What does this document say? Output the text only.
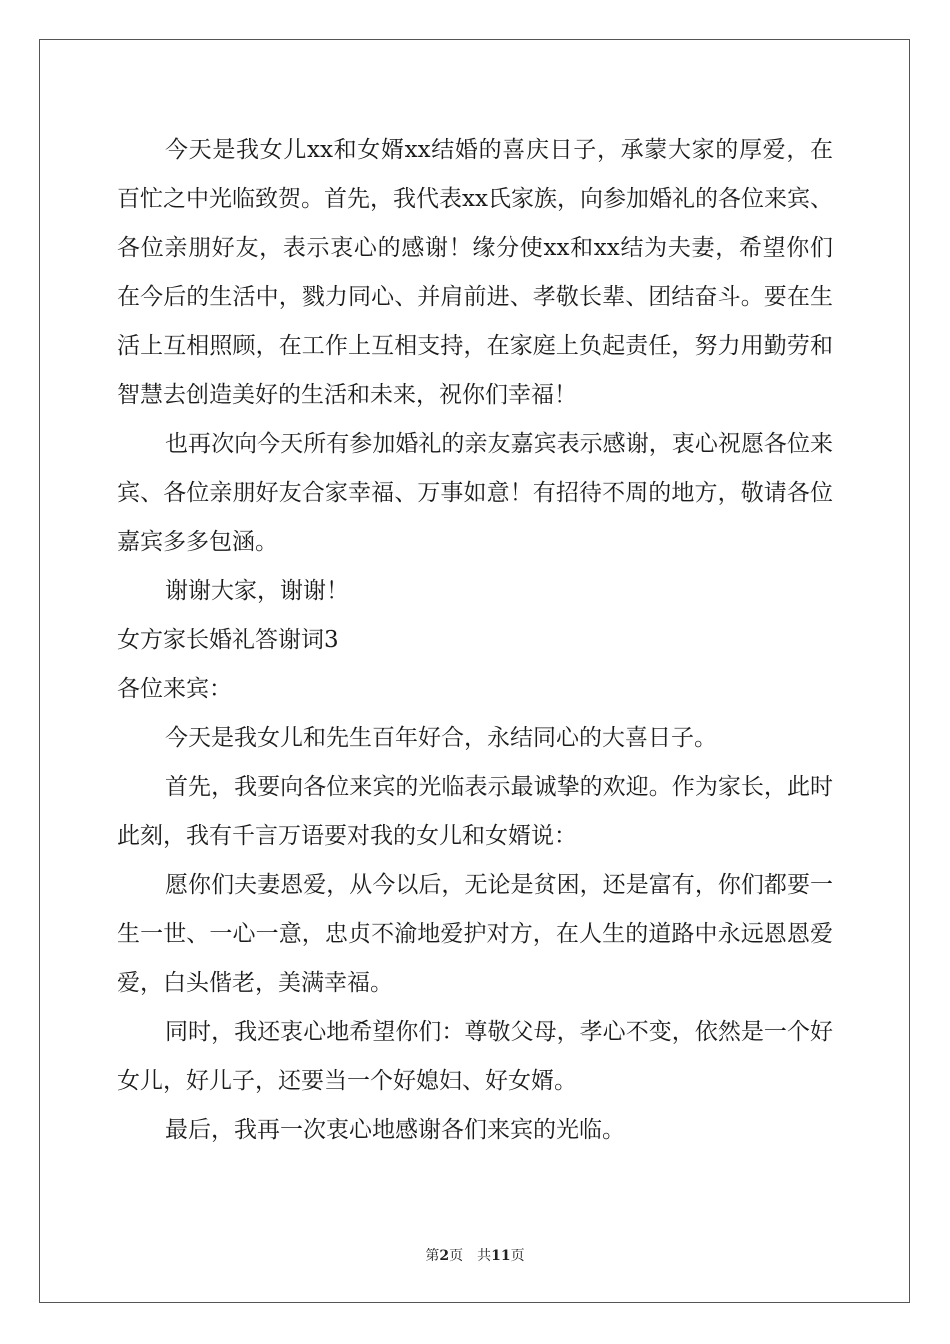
今天是我女儿xx和女婿xx结婚的喜庆日子，承蒙大家的厚爱，在百忙之中光临致贺。首先，我代表xx氏家族，向参加婚礼的各位来宾、各位亲朋好友，表示衷心的感谢！缘分使xx和xx结为夫妻，希望你们在今后的生活中，戮力同心、并肩前进、孝敬长辈、团结奋斗。要在生活上互相照顾，在工作上互相支持，在家庭上负起责任，努力用勤劳和智慧去创造美好的生活和未来，祝你们幸福！

也再次向今天所有参加婚礼的亲友嘉宾表示感谢，衷心祝愿各位来宾、各位亲朋好友合家幸福、万事如意！有招待不周的地方，敬请各位嘉宾多多包涵。

谢谢大家，谢谢！

女方家长婚礼答谢词3

各位来宾：

今天是我女儿和先生百年好合，永结同心的大喜日子。

首先，我要向各位来宾的光临表示最诚挚的欢迎。作为家长，此时此刻，我有千言万语要对我的女儿和女婿说：

愿你们夫妻恩爱，从今以后，无论是贫困，还是富有，你们都要一生一世、一心一意，忠贞不渝地爱护对方，在人生的道路中永远恩恩爱爱，白头偕老，美满幸福。

同时，我还衷心地希望你们：尊敬父母，孝心不变，依然是一个好女儿，好儿子，还要当一个好媳妇、好女婿。

最后，我再一次衷心地感谢各们来宾的光临。

第2页 共11页
